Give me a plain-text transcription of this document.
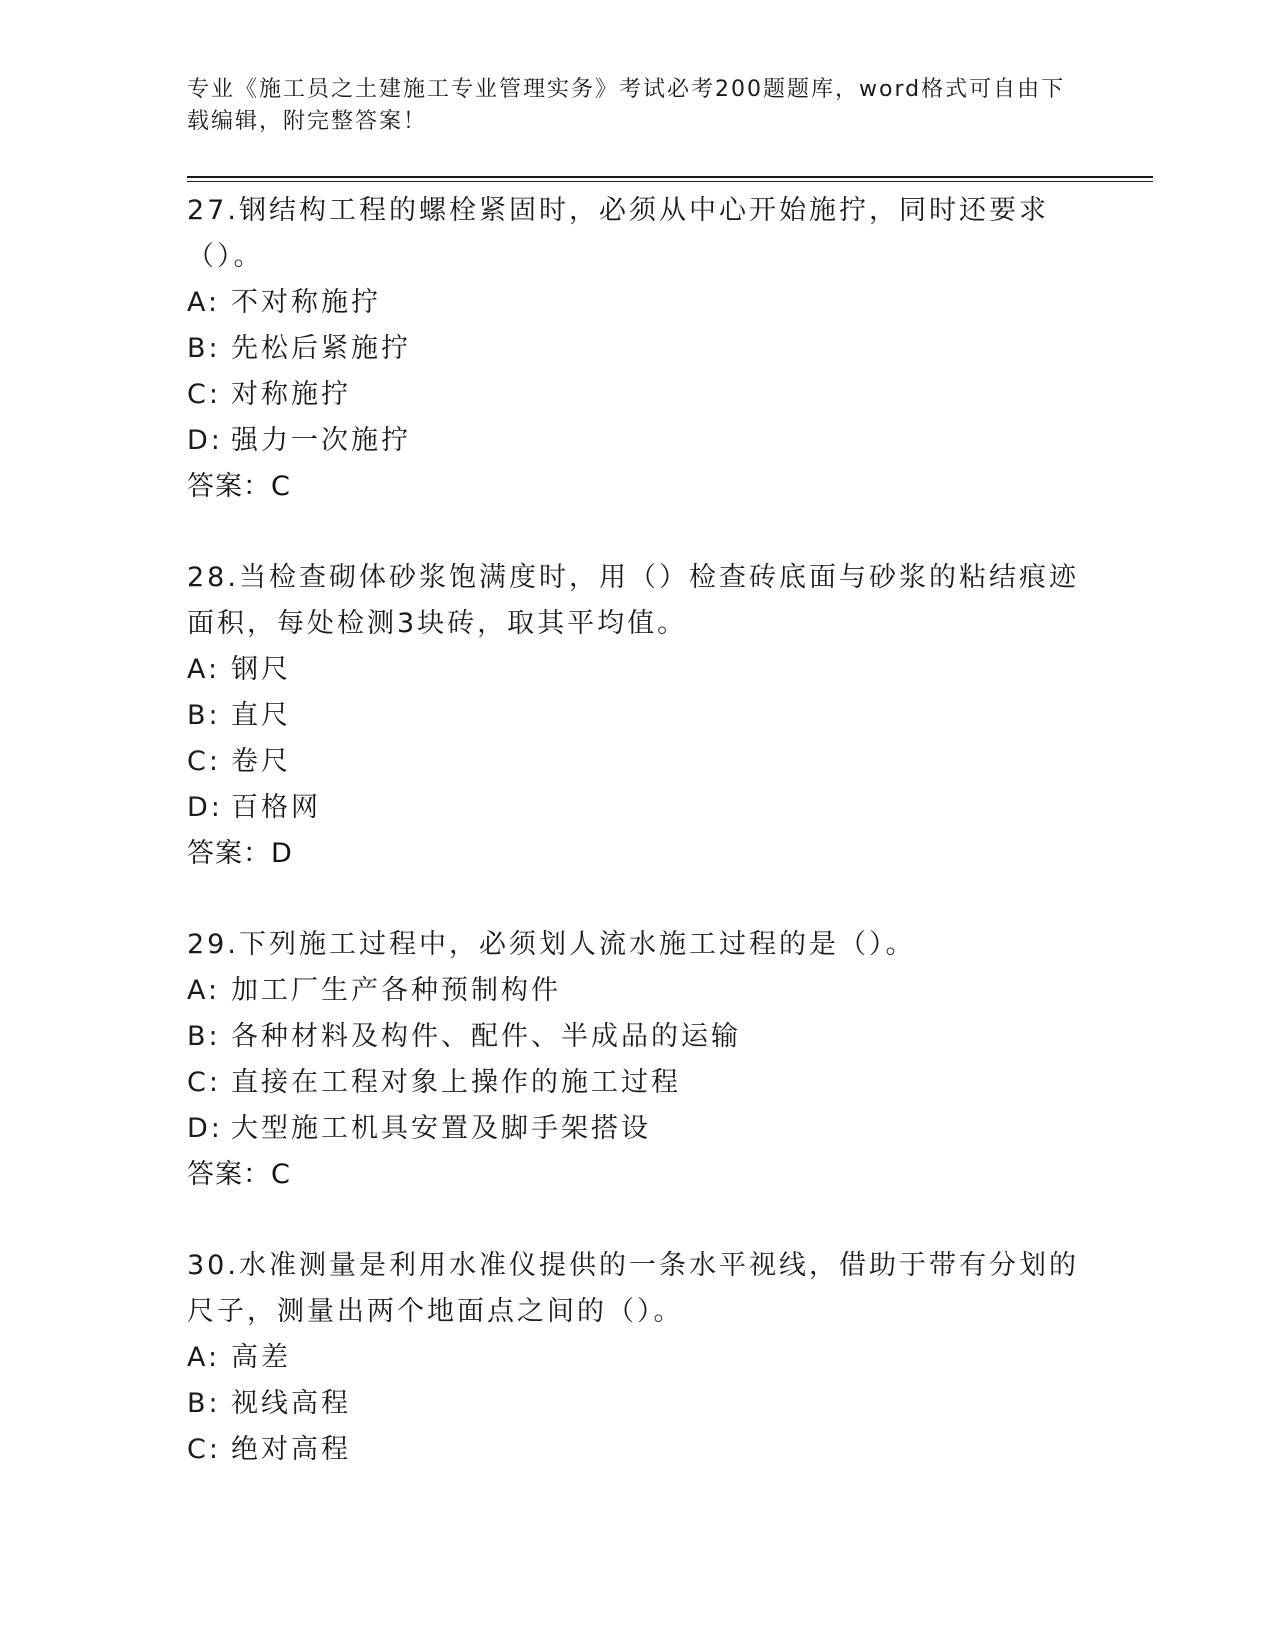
专业《施工员之土建施工专业管理实务》考试必考200题题库，word格式可自由下载编辑，附完整答案！

27.钢结构工程的螺栓紧固时，必须从中心开始施拧，同时还要求（）。

A: 不对称施拧

B: 先松后紧施拧

C: 对称施拧

D: 强力一次施拧

答案：C

28.当检查砌体砂浆饱满度时，用（）检查砖底面与砂浆的粘结痕迹面积，每处检测3块砖，取其平均值。

A: 钢尺

B: 直尺

C: 卷尺

D: 百格网

答案：D

29.下列施工过程中，必须划人流水施工过程的是（）。

A: 加工厂生产各种预制构件

B: 各种材料及构件、配件、半成品的运输

C: 直接在工程对象上操作的施工过程

D: 大型施工机具安置及脚手架搭设

答案：C

30.水准测量是利用水准仪提供的一条水平视线，借助于带有分划的尺子，测量出两个地面点之间的（）。

A: 高差

B: 视线高程

C: 绝对高程
